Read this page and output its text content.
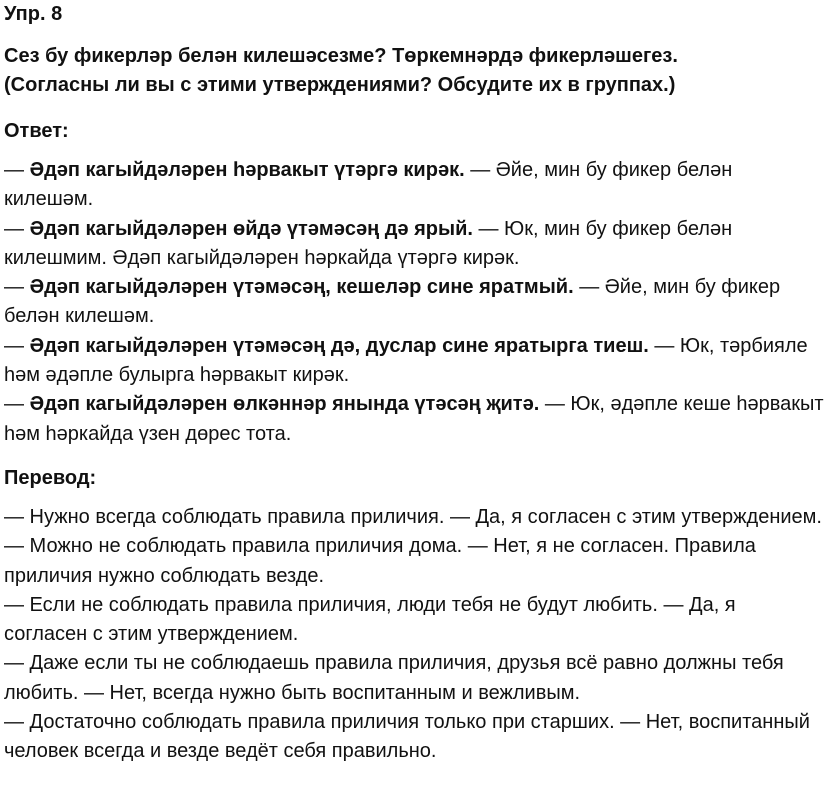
Упр. 8

Сез бу фикерләр белән килешәсезме? Төркемнәрдә фикерләшегез.
(Согласны ли вы с этими утверждениями? Обсудите их в группах.)

Ответ:
— Әдәп кагыйдәләрен һәрвакыт үтәргә кирәк. — Әйе, мин бу фикер белән килешәм.
— Әдәп кагыйдәләрен өйдә үтәмәсәң дә ярый. — Юк, мин бу фикер белән килешмим. Әдәп кагыйдәләрен һәркайда үтәргә кирәк.
— Әдәп кагыйдәләрен үтәмәсәң, кешеләр сине яратмый. — Әйе, мин бу фикер белән килешәм.
— Әдәп кагыйдәләрен үтәмәсәң дә, дуслар сине яратырга тиеш. — Юк, тәрбияле һәм әдәпле булырга һәрвакыт кирәк.
— Әдәп кагыйдәләрен өлкәннәр янында үтәсәң җитә. — Юк, әдәпле кеше һәрвакыт һәм һәркайда үзен дөрес тота.
Перевод:
— Нужно всегда соблюдать правила приличия. — Да, я согласен с этим утверждением.
— Можно не соблюдать правила приличия дома. — Нет, я не согласен. Правила приличия нужно соблюдать везде.
— Если не соблюдать правила приличия, люди тебя не будут любить. — Да, я согласен с этим утверждением.
— Даже если ты не соблюдаешь правила приличия, друзья всё равно должны тебя любить. — Нет, всегда нужно быть воспитанным и вежливым.
— Достаточно соблюдать правила приличия только при старших. — Нет, воспитанный человек всегда и везде ведёт себя правильно.
